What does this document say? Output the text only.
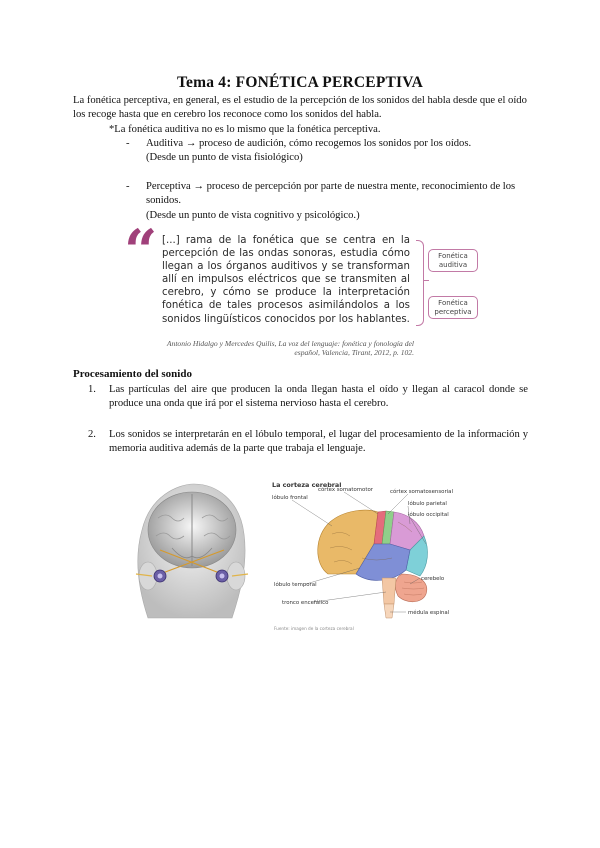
Tema 4: FONÉTICA PERCEPTIVA
La fonética perceptiva, en general, es el estudio de la percepción de los sonidos del habla desde que el oído los recoge hasta que en cerebro los reconoce como los sonidos del habla.
*La fonética auditiva no es lo mismo que la fonética perceptiva.
- Auditiva → proceso de audición, cómo recogemos los sonidos por los oídos.
(Desde un punto de vista fisiológico)
- Perceptiva → proceso de percepción por parte de nuestra mente, reconocimiento de los sonidos.
(Desde un punto de vista cognitivo y psicológico.)
“ [...] rama de la fonética que se centra en la percepción de las ondas sonoras, estudia cómo llegan a los órganos auditivos y se transforman allí en impulsos eléctricos que se transmiten al cerebro, y cómo se produce la interpretación fonética de tales procesos asimilándolos a los sonidos lingüísticos conocidos por los hablantes.
Fonética auditiva
Fonética perceptiva
Antonio Hidalgo y Mercedes Quilis, La voz del lenguaje: fonética y fonología del español, Valencia, Tirant, 2012, p. 102.
Procesamiento del sonido
1. Las partículas del aire que producen la onda llegan hasta el oído y llegan al caracol donde se produce una onda que irá por el sistema nervioso hasta el cerebro.
2. Los sonidos se interpretarán en el lóbulo temporal, el lugar del procesamiento de la información y memoria auditiva además de la parte que trabaja el lenguaje.
La corteza cerebral
lóbulo frontal
córtex somatomotor	córtex somatosensorial
lóbulo parietal
lóbulo occipital
lóbulo temporal
cerebelo
tronco encefálico
médula espinal
Fuente: imagen de la corteza cerebral
